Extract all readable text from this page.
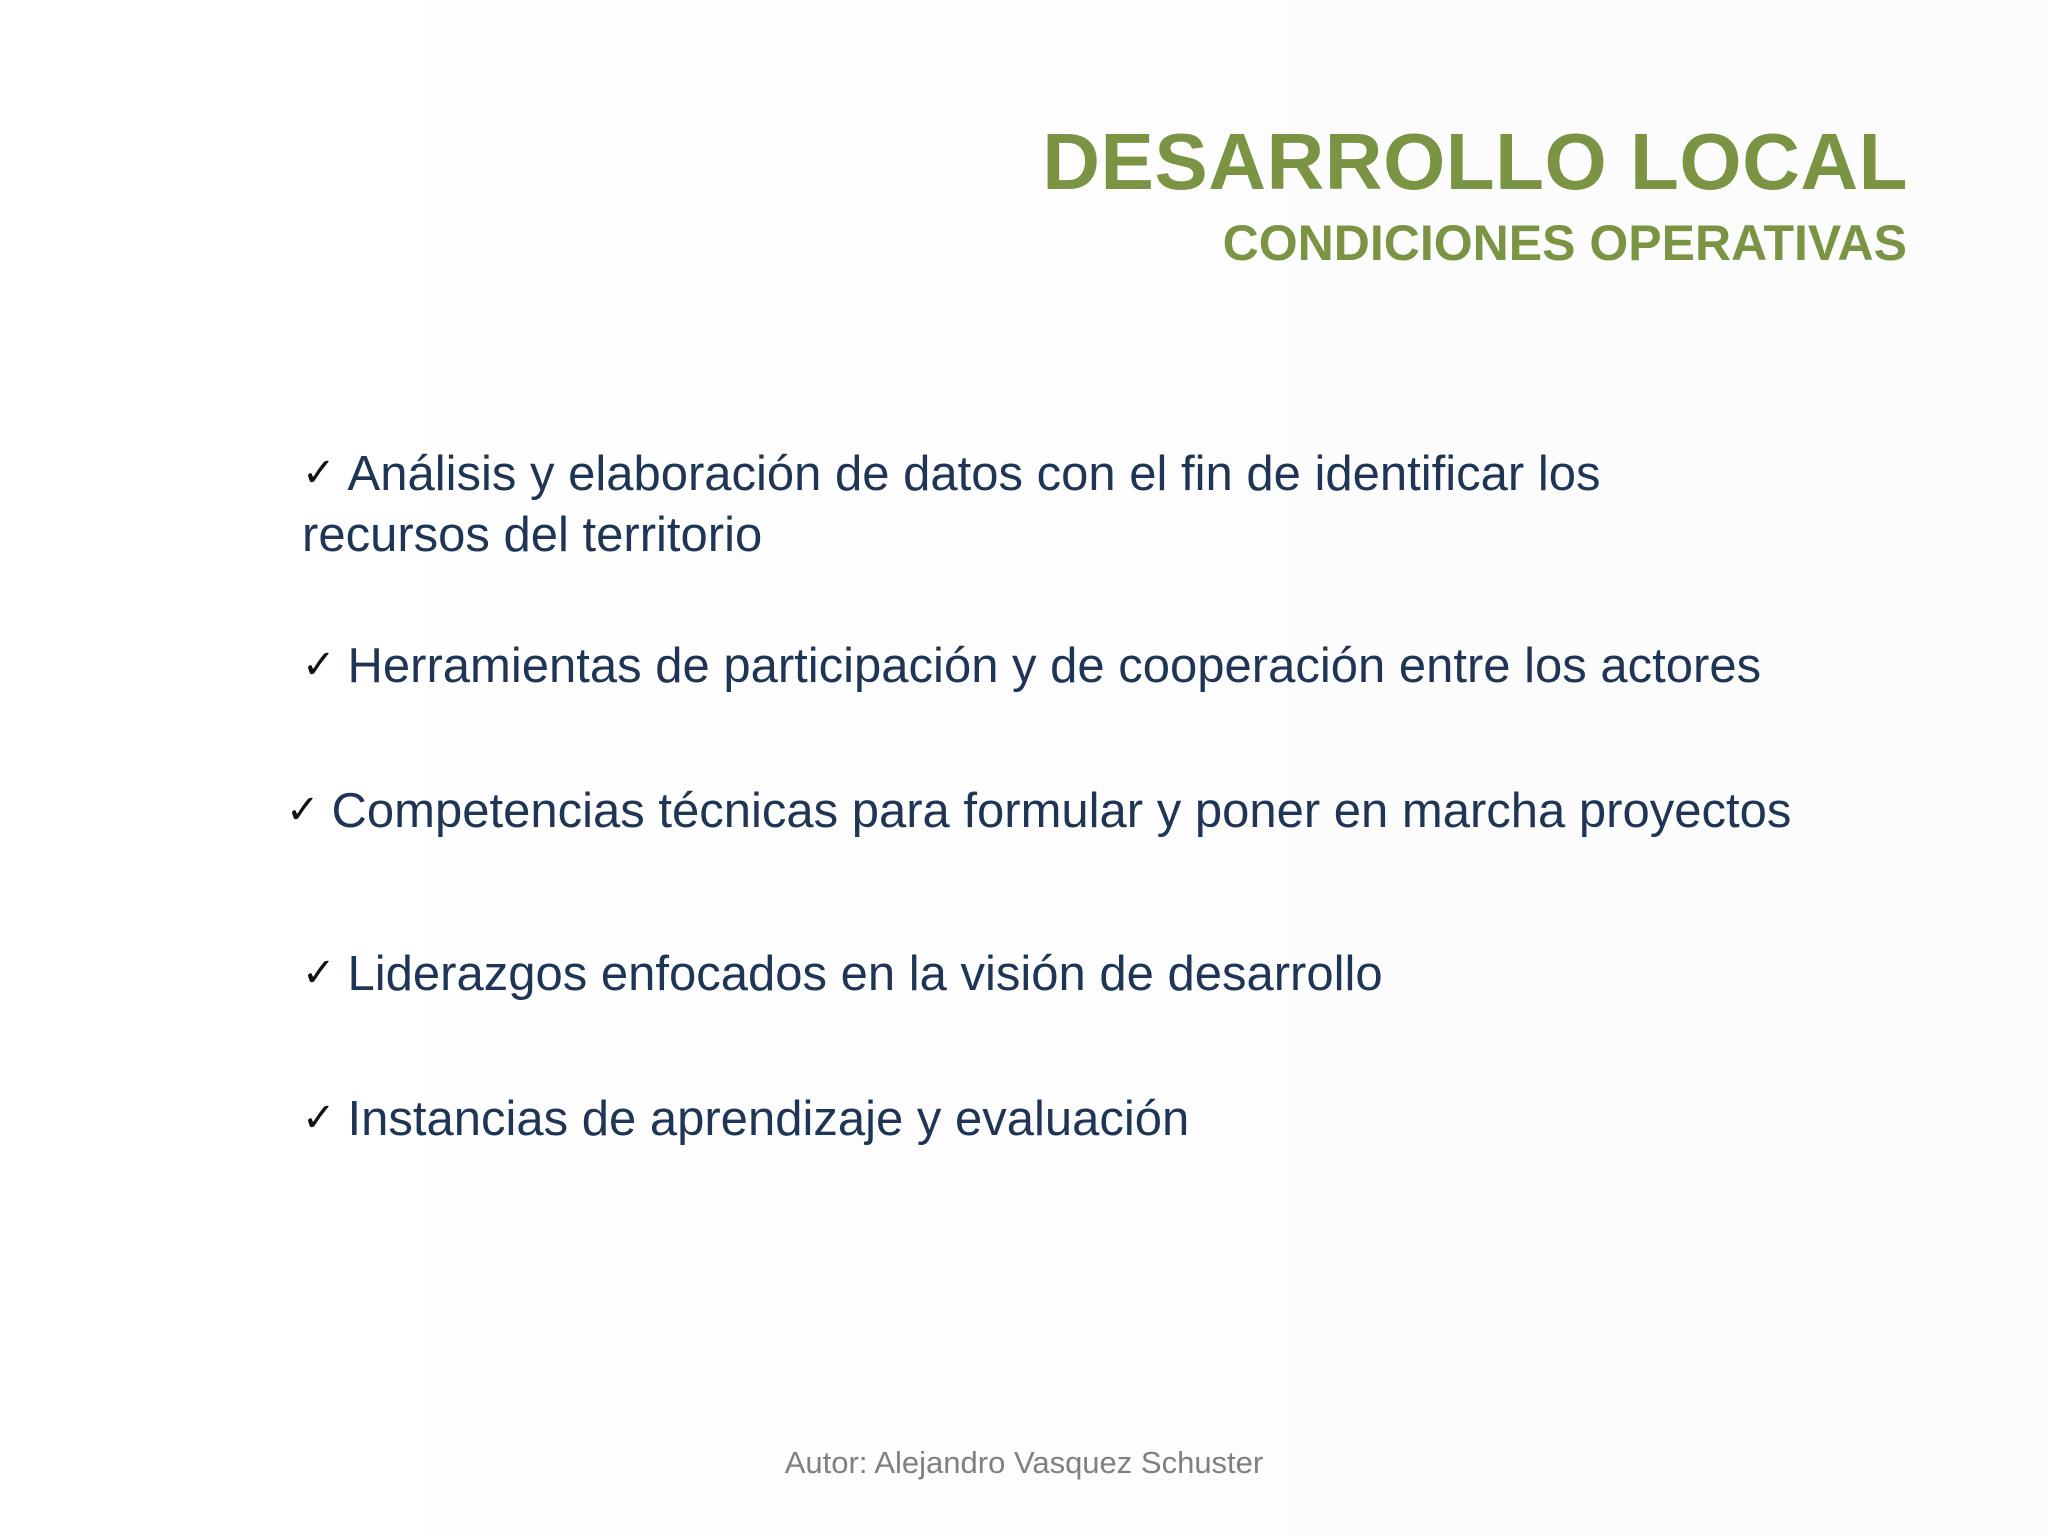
DESARROLLO LOCAL
CONDICIONES OPERATIVAS
✓ Análisis y elaboración de datos con el fin de identificar los
recursos del territorio
✓ Herramientas de participación y de cooperación entre los actores
✓ Competencias técnicas para formular y poner en marcha proyectos
✓ Liderazgos enfocados en la visión de desarrollo
✓ Instancias de aprendizaje y evaluación
Autor: Alejandro Vasquez Schuster
